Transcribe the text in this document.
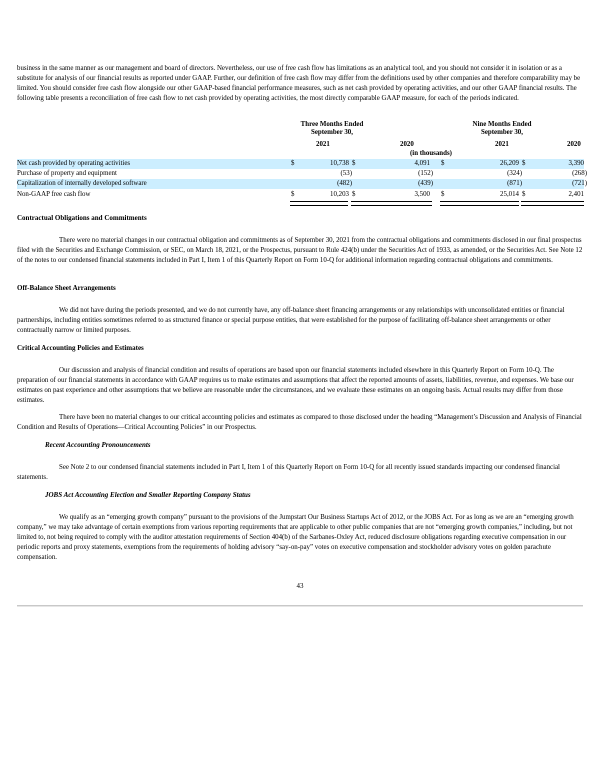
business in the same manner as our management and board of directors. Nevertheless, our use of free cash flow has limitations as an analytical tool, and you should not consider it in isolation or as a substitute for analysis of our financial results as reported under GAAP. Further, our definition of free cash flow may differ from the definitions used by other companies and therefore comparability may be limited. You should consider free cash flow alongside our other GAAP-based financial performance measures, such as net cash provided by operating activities, and our other GAAP financial results. The following table presents a reconciliation of free cash flow to net cash provided by operating activities, the most directly comparable GAAP measure, for each of the periods indicated.

Three Months Ended
September 30,
Nine Months Ended
September 30,
2021	2020	2021	2020
(in thousands)
Net cash provided by operating activities	$	10,738 $	4,091 $	26,209 $	3,390
Purchase of property and equipment	(53)	(152)	(324)	(268)
Capitalization of internally developed software	(482)	(439)	(871)	(721)
Non-GAAP free cash flow	$	10,203 $	3,500 $	25,014 $	2,401

Contractual Obligations and Commitments

There were no material changes in our contractual obligation and commitments as of September 30, 2021 from the contractual obligations and commitments disclosed in our final prospectus filed with the Securities and Exchange Commission, or SEC, on March 18, 2021, or the Prospectus, pursuant to Rule 424(b) under the Securities Act of 1933, as amended, or the Securities Act. See Note 12 of the notes to our condensed financial statements included in Part I, Item 1 of this Quarterly Report on Form 10-Q for additional information regarding contractual obligations and commitments.

Off-Balance Sheet Arrangements

We did not have during the periods presented, and we do not currently have, any off-balance sheet financing arrangements or any relationships with unconsolidated entities or financial partnerships, including entities sometimes referred to as structured finance or special purpose entities, that were established for the purpose of facilitating off-balance sheet arrangements or other contractually narrow or limited purposes.

Critical Accounting Policies and Estimates

Our discussion and analysis of financial condition and results of operations are based upon our financial statements included elsewhere in this Quarterly Report on Form 10-Q. The preparation of our financial statements in accordance with GAAP requires us to make estimates and assumptions that affect the reported amounts of assets, liabilities, revenue, and expenses. We base our estimates on past experience and other assumptions that we believe are reasonable under the circumstances, and we evaluate these estimates on an ongoing basis. Actual results may differ from those estimates.

There have been no material changes to our critical accounting policies and estimates as compared to those disclosed under the heading “Management’s Discussion and Analysis of Financial Condition and Results of Operations—Critical Accounting Policies” in our Prospectus.

Recent Accounting Pronouncements

See Note 2 to our condensed financial statements included in Part I, Item 1 of this Quarterly Report on Form 10-Q for all recently issued standards impacting our condensed financial statements.

JOBS Act Accounting Election and Smaller Reporting Company Status

We qualify as an “emerging growth company” pursuant to the provisions of the Jumpstart Our Business Startups Act of 2012, or the JOBS Act. For as long as we are an “emerging growth company,” we may take advantage of certain exemptions from various reporting requirements that are applicable to other public companies that are not “emerging growth companies,” including, but not limited to, not being required to comply with the auditor attestation requirements of Section 404(b) of the Sarbanes-Oxley Act, reduced disclosure obligations regarding executive compensation in our periodic reports and proxy statements, exemptions from the requirements of holding advisory “say-on-pay” votes on executive compensation and stockholder advisory votes on golden parachute compensation.

43
